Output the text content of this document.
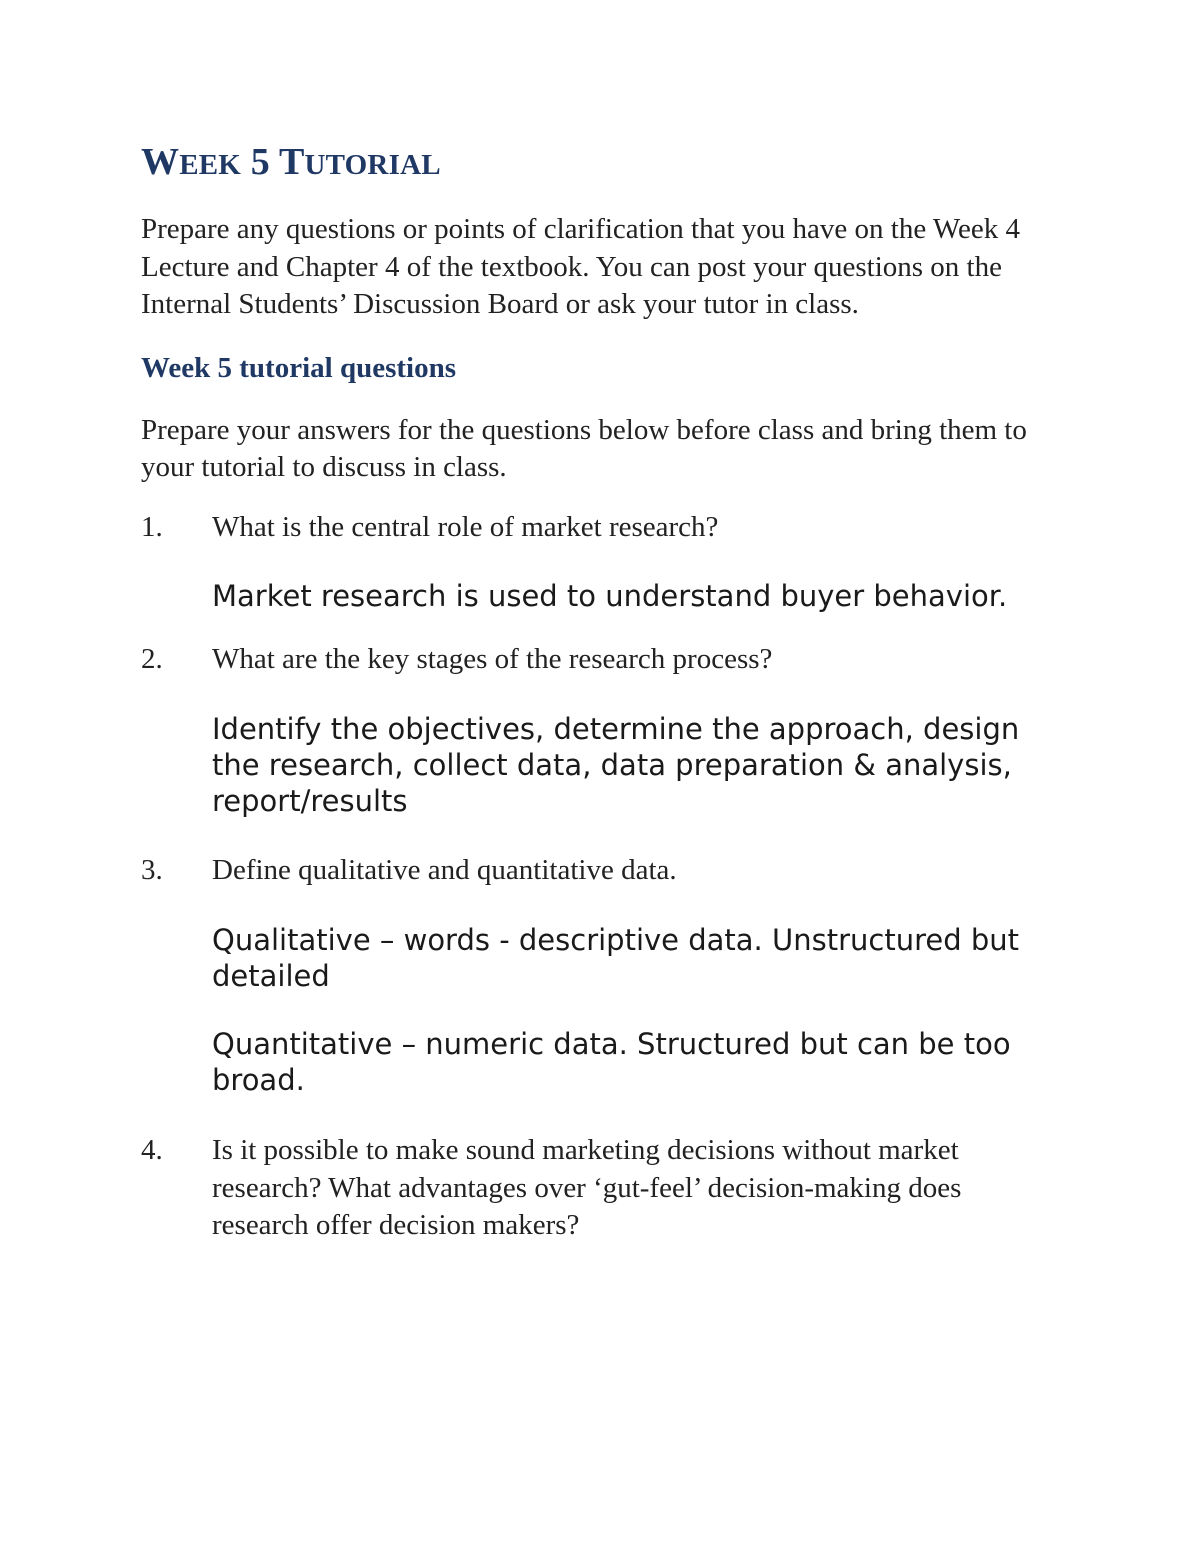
WEEK 5 TUTORIAL

Prepare any questions or points of clarification that you have on the Week 4 Lecture and Chapter 4 of the textbook. You can post your questions on the Internal Students’ Discussion Board or ask your tutor in class.

Week 5 tutorial questions

Prepare your answers for the questions below before class and bring them to your tutorial to discuss in class.

1. What is the central role of market research?

Market research is used to understand buyer behavior.

2. What are the key stages of the research process?

Identify the objectives, determine the approach, design the research, collect data, data preparation & analysis, report/results

3. Define qualitative and quantitative data.

Qualitative – words - descriptive data. Unstructured but detailed

Quantitative – numeric data. Structured but can be too broad.

4. Is it possible to make sound marketing decisions without market research? What advantages over ‘gut-feel’ decision-making does research offer decision makers?
